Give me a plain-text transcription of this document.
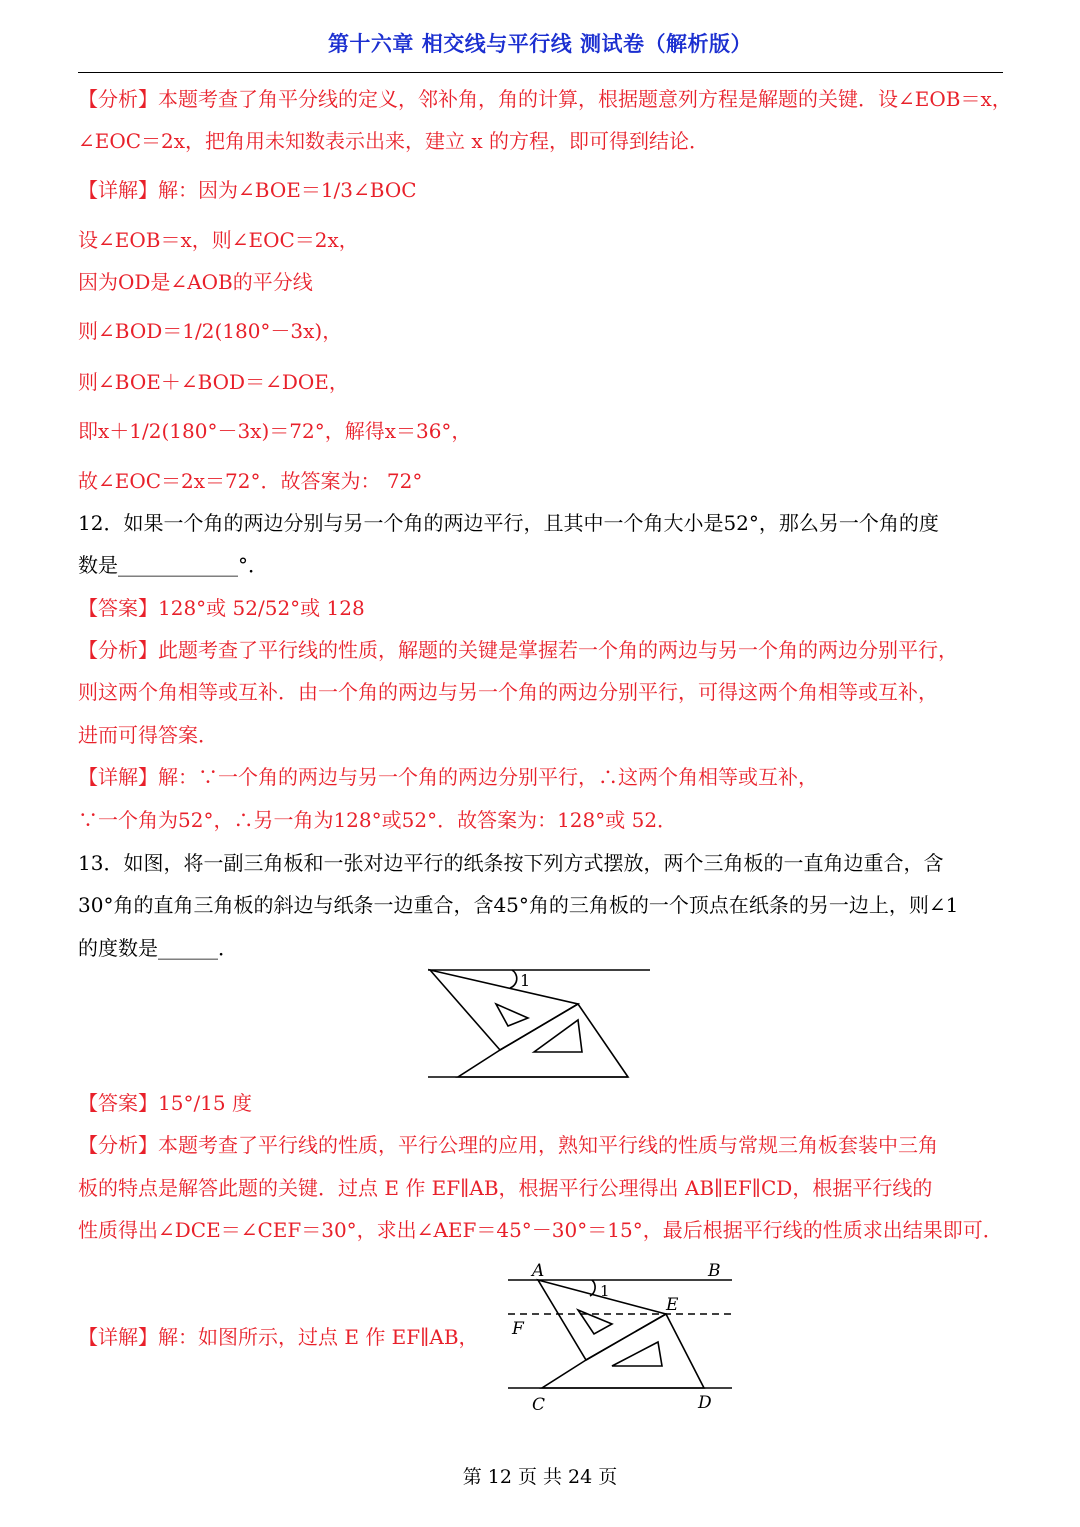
第十六章 相交线与平行线 测试卷（解析版）
【分析】本题考查了角平分线的定义，邻补角，角的计算，根据题意列方程是解题的关键．设∠EOB＝x，
∠EOC＝2x，把角用未知数表示出来，建立 x 的方程，即可得到结论．
【详解】解：因为∠BOE＝1/3∠BOC
设∠EOB＝x，则∠EOC＝2x，
因为OD是∠AOB的平分线
则∠BOD＝1/2(180°－3x)，
则∠BOE＋∠BOD＝∠DOE，
即x＋1/2(180°－3x)＝72°，解得x＝36°，
故∠EOC＝2x＝72°．故答案为： 72°
12．如果一个角的两边分别与另一个角的两边平行，且其中一个角大小是52°，那么另一个角的度
数是____________°．
【答案】128°或 52/52°或 128
【分析】此题考查了平行线的性质，解题的关键是掌握若一个角的两边与另一个角的两边分别平行，
则这两个角相等或互补．由一个角的两边与另一个角的两边分别平行，可得这两个角相等或互补，
进而可得答案．
【详解】解：∵一个角的两边与另一个角的两边分别平行，∴这两个角相等或互补，
∵一个角为52°，∴另一角为128°或52°．故答案为：128°或 52．
13．如图，将一副三角板和一张对边平行的纸条按下列方式摆放，两个三角板的一直角边重合，含
30°角的直角三角板的斜边与纸条一边重合，含45°角的三角板的一个顶点在纸条的另一边上，则∠1
的度数是______．
【答案】15°/15 度
【分析】本题考查了平行线的性质，平行公理的应用，熟知平行线的性质与常规三角板套装中三角
板的特点是解答此题的关键．过点 E 作 EF∥AB，根据平行公理得出 AB∥EF∥CD，根据平行线的
性质得出∠DCE＝∠CEF＝30°，求出∠AEF＝45°－30°＝15°，最后根据平行线的性质求出结果即可．
【详解】解：如图所示，过点 E 作 EF∥AB，
1
A	B
E
F
C	D
1
第 12 页 共 24 页
